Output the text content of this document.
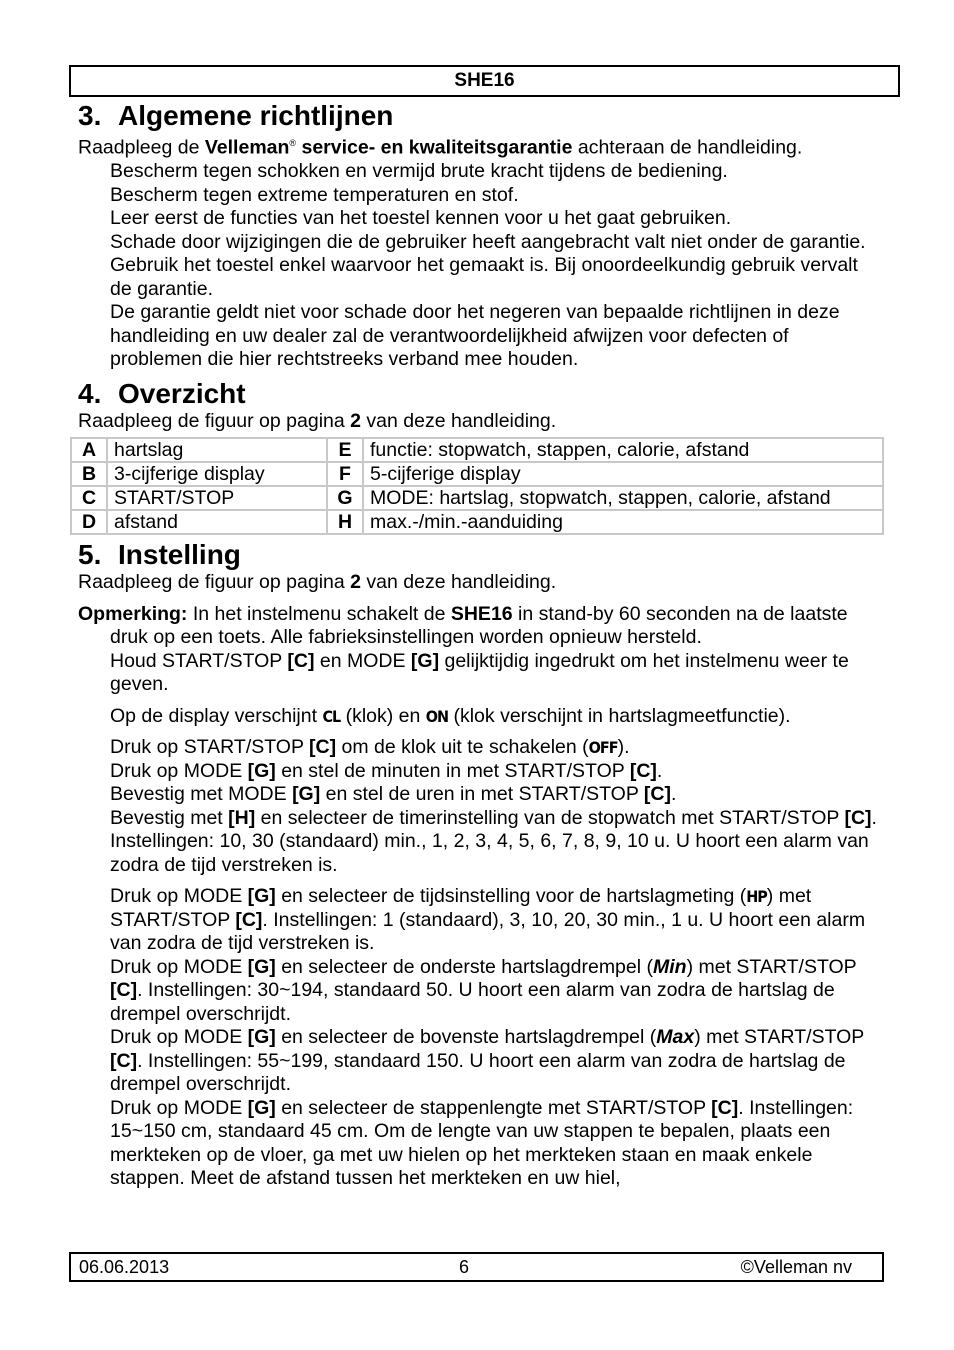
SHE16
3. Algemene richtlijnen

Raadpleeg de Velleman® service- en kwaliteitsgarantie achteraan de handleiding.

Bescherm tegen schokken en vermijd brute kracht tijdens de bediening.
Bescherm tegen extreme temperaturen en stof.
Leer eerst de functies van het toestel kennen voor u het gaat gebruiken.
Schade door wijzigingen die de gebruiker heeft aangebracht valt niet onder de garantie.
Gebruik het toestel enkel waarvoor het gemaakt is. Bij onoordeelkundig gebruik vervalt de garantie.
De garantie geldt niet voor schade door het negeren van bepaalde richtlijnen in deze handleiding en uw dealer zal de verantwoordelijkheid afwijzen voor defecten of problemen die hier rechtstreeks verband mee houden.
4. Overzicht

Raadpleeg de figuur op pagina 2 van deze handleiding.

A	hartslag	E	functie: stopwatch, stappen, calorie, afstand
B	3-cijferige display	F	5-cijferige display
C	START/STOP	G	MODE: hartslag, stopwatch, stappen, calorie, afstand
D	afstand	H	max.-/min.-aanduiding
5. Instelling

Raadpleeg de figuur op pagina 2 van deze handleiding.

Opmerking: In het instelmenu schakelt de SHE16 in stand-by 60 seconden na de laatste druk op een toets. Alle fabrieksinstellingen worden opnieuw hersteld.

Houd START/STOP [C] en MODE [G] gelijktijdig ingedrukt om het instelmenu weer te geven.

Op de display verschijnt CL (klok) en ON (klok verschijnt in hartslagmeetfunctie).

Druk op START/STOP [C] om de klok uit te schakelen (OFF).

Druk op MODE [G] en stel de minuten in met START/STOP [C].

Bevestig met MODE [G] en stel de uren in met START/STOP [C].

Bevestig met [H] en selecteer de timerinstelling van de stopwatch met START/STOP [C]. Instellingen: 10, 30 (standaard) min., 1, 2, 3, 4, 5, 6, 7, 8, 9, 10 u. U hoort een alarm van zodra de tijd verstreken is.

Druk op MODE [G] en selecteer de tijdsinstelling voor de hartslagmeting (HP) met START/STOP [C]. Instellingen: 1 (standaard), 3, 10, 20, 30 min., 1 u. U hoort een alarm van zodra de tijd verstreken is.

Druk op MODE [G] en selecteer de onderste hartslagdrempel (Min) met START/STOP [C]. Instellingen: 30~194, standaard 50. U hoort een alarm van zodra de hartslag de drempel overschrijdt.

Druk op MODE [G] en selecteer de bovenste hartslagdrempel (Max) met START/STOP [C]. Instellingen: 55~199, standaard 150. U hoort een alarm van zodra de hartslag de drempel overschrijdt.

Druk op MODE [G] en selecteer de stappenlengte met START/STOP [C]. Instellingen: 15~150 cm, standaard 45 cm. Om de lengte van uw stappen te bepalen, plaats een merkteken op de vloer, ga met uw hielen op het merkteken staan en maak enkele stappen. Meet de afstand tussen het merkteken en uw hiel,

06.06.2013	6	©Velleman nv
